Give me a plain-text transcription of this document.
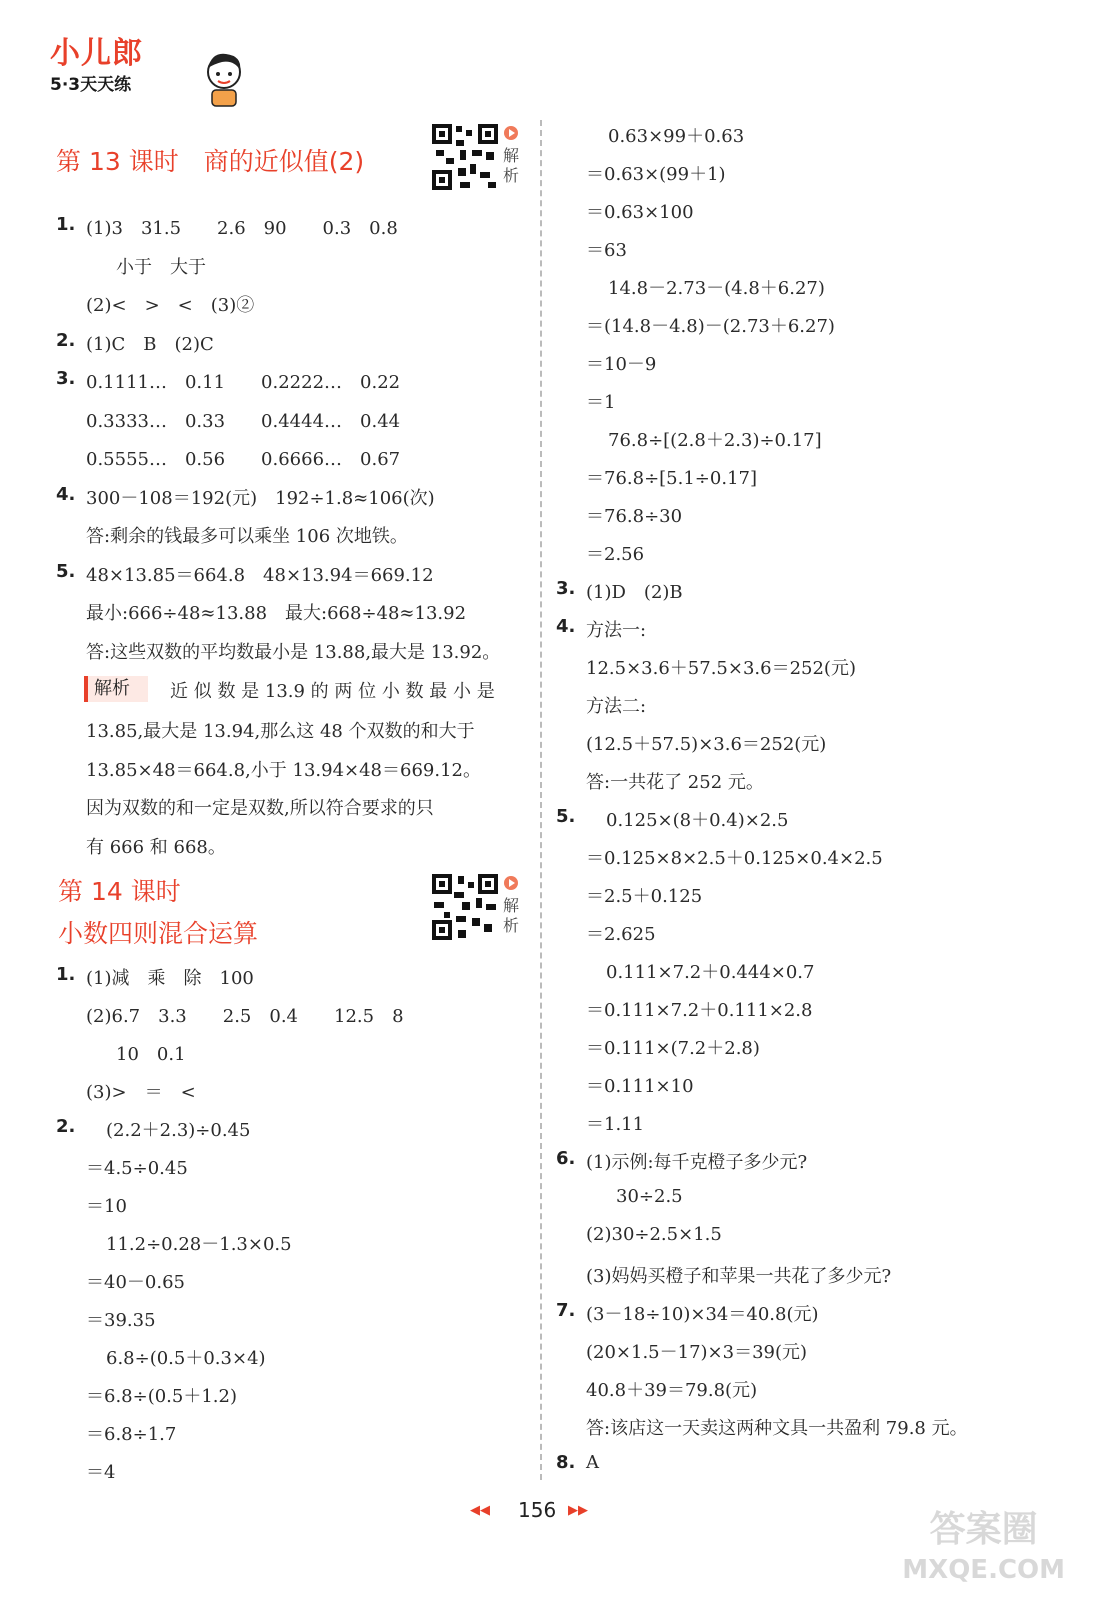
小儿郎
5·3天天练
第 13 课时　商的近似值(2)	解析
1. (1)3　31.5　　2.6　90　　0.3　0.8
小于　大于
(2)<　>　<　(3)②
2. (1)C　B　(2)C
3. 0.1111…　0.11　　0.2222…　0.22
0.3333…　0.33　　0.4444…　0.44
0.5555…　0.56　　0.6666…　0.67
4. 300－108＝192(元)　192÷1.8≈106(次)
答:剩余的钱最多可以乘坐 106 次地铁。
5. 48×13.85＝664.8　48×13.94＝669.12
最小:666÷48≈13.88　最大:668÷48≈13.92
答:这些双数的平均数最小是 13.88,最大是 13.92。
解析	近 似 数 是 13.9 的 两 位 小 数 最 小 是
13.85,最大是 13.94,那么这 48 个双数的和大于
13.85×48＝664.8,小于 13.94×48＝669.12。
因为双数的和一定是双数,所以符合要求的只
有 666 和 668。
第 14 课时
小数四则混合运算
解析
1. (1)减　乘　除　100
(2)6.7　3.3　　2.5　0.4　　12.5　8
10　0.1
(3)>　＝　<
2. (2.2＋2.3)÷0.45
＝4.5÷0.45
＝10
11.2÷0.28－1.3×0.5
＝40－0.65
＝39.35
6.8÷(0.5＋0.3×4)
＝6.8÷(0.5＋1.2)
＝6.8÷1.7
＝4
0.63×99＋0.63
＝0.63×(99＋1)
＝0.63×100
＝63
14.8－2.73－(4.8＋6.27)
＝(14.8－4.8)－(2.73＋6.27)
＝10－9
＝1
76.8÷[(2.8＋2.3)÷0.17]
＝76.8÷[5.1÷0.17]
＝76.8÷30
＝2.56
3. (1)D　(2)B
4. 方法一:
12.5×3.6＋57.5×3.6＝252(元)
方法二:
(12.5＋57.5)×3.6＝252(元)
答:一共花了 252 元。
5. 0.125×(8＋0.4)×2.5
＝0.125×8×2.5＋0.125×0.4×2.5
＝2.5＋0.125
＝2.625
0.111×7.2＋0.444×0.7
＝0.111×7.2＋0.111×2.8
＝0.111×(7.2＋2.8)
＝0.111×10
＝1.11
6. (1)示例:每千克橙子多少元?
30÷2.5
(2)30÷2.5×1.5
(3)妈妈买橙子和苹果一共花了多少元?
7. (3－18÷10)×34＝40.8(元)
(20×1.5－17)×3＝39(元)
40.8＋39＝79.8(元)
答:该店这一天卖这两种文具一共盈利 79.8 元。
8. A
◀◀ 156 ▶▶	答案圈
MXQE.COM
